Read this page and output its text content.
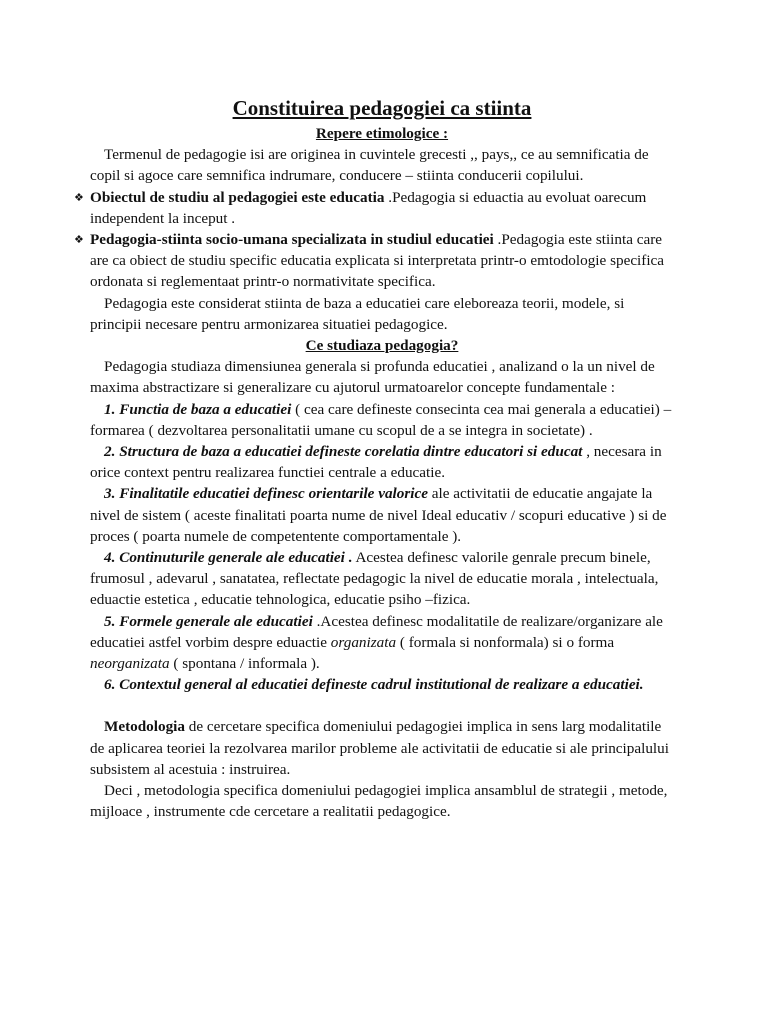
Constituirea pedagogiei ca stiinta

Repere etimologice :

Termenul de pedagogie isi are originea in cuvintele grecesti ,, pays,, ce au semnificatia de copil si agoce care semnifica indrumare, conducere – stiinta conducerii copilului.

❖ Obiectul de studiu al pedagogiei este educatia .Pedagogia si eduactia au evoluat oarecum independent la inceput .

❖ Pedagogia-stiinta socio-umana specializata in studiul educatiei .Pedagogia este stiinta care are ca obiect de studiu specific educatia explicata si interpretata printr-o emtodologie specifica ordonata si reglementaat printr-o normativitate specifica.

Pedagogia este considerat stiinta de baza a educatiei care eleboreaza teorii, modele, si principii necesare pentru armonizarea situatiei pedagogice.

Ce studiaza pedagogia?

Pedagogia studiaza dimensiunea generala si profunda educatiei , analizand o la un nivel de maxima abstractizare si generalizare cu ajutorul urmatoarelor concepte fundamentale :

1. Functia de baza a educatiei ( cea care defineste consecinta cea mai generala a educatiei) – formarea ( dezvoltarea personalitatii umane cu scopul de a se integra in societate) .

2. Structura de baza a educatiei defineste corelatia dintre educatori si educat , necesara in orice context pentru realizarea functiei centrale a educatie.

3. Finalitatile educatiei definesc orientarile valorice ale activitatii de educatie angajate la nivel de sistem ( aceste finalitati poarta nume de nivel Ideal educativ / scopuri educative ) si de proces ( poarta numele de competentente comportamentale ).

4. Continuturile generale ale educatiei . Acestea definesc valorile genrale precum binele, frumosul , adevarul , sanatatea, reflectate pedagogic la nivel de educatie morala , intelectuala, eduactie estetica , educatie tehnologica, educatie psiho –fizica.

5. Formele generale ale educatiei .Acestea definesc modalitatile de realizare/organizare ale educatiei astfel vorbim despre eduactie organizata ( formala si nonformala) si o forma neorganizata ( spontana / informala ).

6. Contextul general al educatiei defineste cadrul institutional de realizare a educatiei.

Metodologia de cercetare specifica domeniului pedagogiei implica in sens larg modalitatile de aplicarea teoriei la rezolvarea marilor probleme ale activitatii de educatie si ale principalului subsistem al acestuia : instruirea.

Deci , metodologia specifica domeniului pedagogiei implica ansamblul de strategii , metode, mijloace , instrumente cde cercetare a realitatii pedagogice.
